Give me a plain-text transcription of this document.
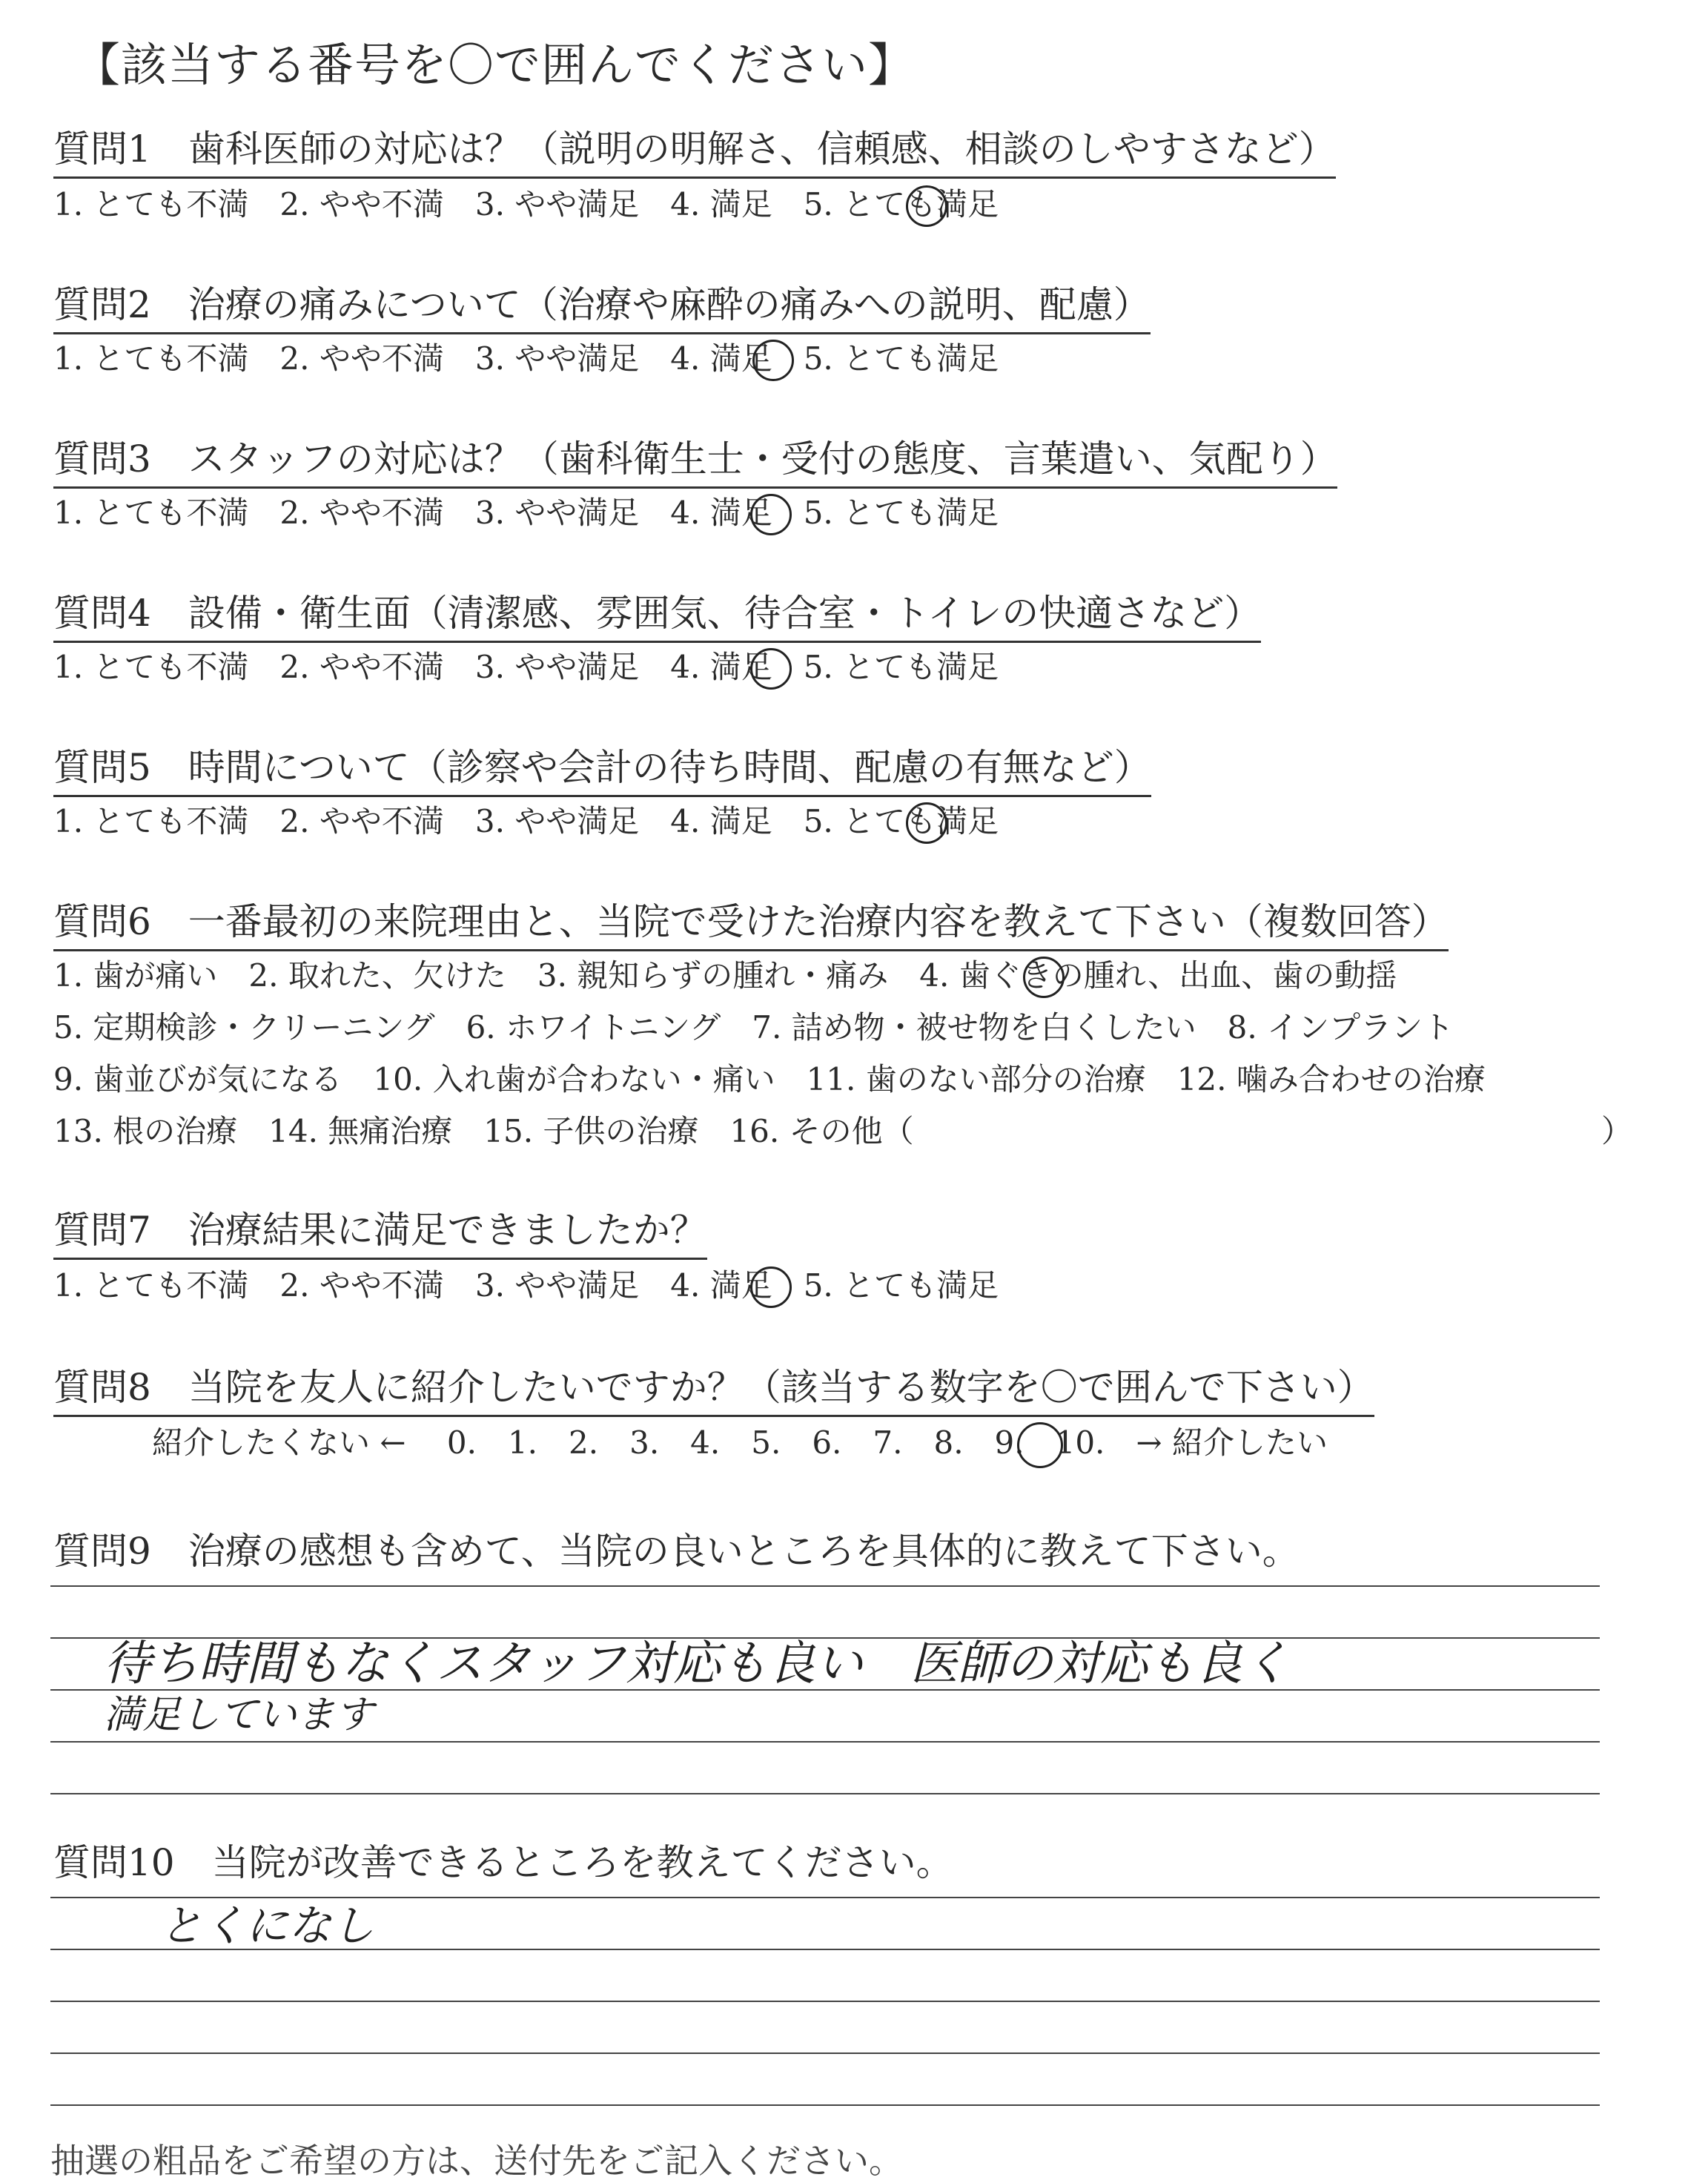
【該当する番号を〇で囲んでください】
質問1　歯科医師の対応は？（説明の明解さ、信頼感、相談のしやすさなど）
1. とても不満　2. やや不満　3. やや満足　4. 満足　5. とても満足
質問2　治療の痛みについて（治療や麻酔の痛みへの説明、配慮）
1. とても不満　2. やや不満　3. やや満足　4. 満足　5. とても満足
質問3　スタッフの対応は？（歯科衛生士・受付の態度、言葉遣い、気配り）
1. とても不満　2. やや不満　3. やや満足　4. 満足　5. とても満足
質問4　設備・衛生面（清潔感、雰囲気、待合室・トイレの快適さなど）
1. とても不満　2. やや不満　3. やや満足　4. 満足　5. とても満足
質問5　時間について（診察や会計の待ち時間、配慮の有無など）
1. とても不満　2. やや不満　3. やや満足　4. 満足　5. とても満足
質問6　一番最初の来院理由と、当院で受けた治療内容を教えて下さい（複数回答）
1. 歯が痛い　2. 取れた、欠けた　3. 親知らずの腫れ・痛み　4. 歯ぐきの腫れ、出血、歯の動揺
5. 定期検診・クリーニング　6. ホワイトニング　7. 詰め物・被せ物を白くしたい　8. インプラント
9. 歯並びが気になる　10. 入れ歯が合わない・痛い　11. 歯のない部分の治療　12. 噛み合わせの治療
13. 根の治療　14. 無痛治療　15. 子供の治療　16. その他（	）
質問7　治療結果に満足できましたか？
1. とても不満　2. やや不満　3. やや満足　4. 満足　5. とても満足
質問8　当院を友人に紹介したいですか？（該当する数字を〇で囲んで下さい）
紹介したくない ← 　0.　1.　2.　3.　4.　5.　6.　7.　8.　9.　10.　→ 紹介したい
質問9　治療の感想も含めて、当院の良いところを具体的に教えて下さい。
待ち時間もなくスタッフ対応も良い　医師の対応も良く
満足しています
質問10　当院が改善できるところを教えてください。
とくになし
抽選の粗品をご希望の方は、送付先をご記入ください。
